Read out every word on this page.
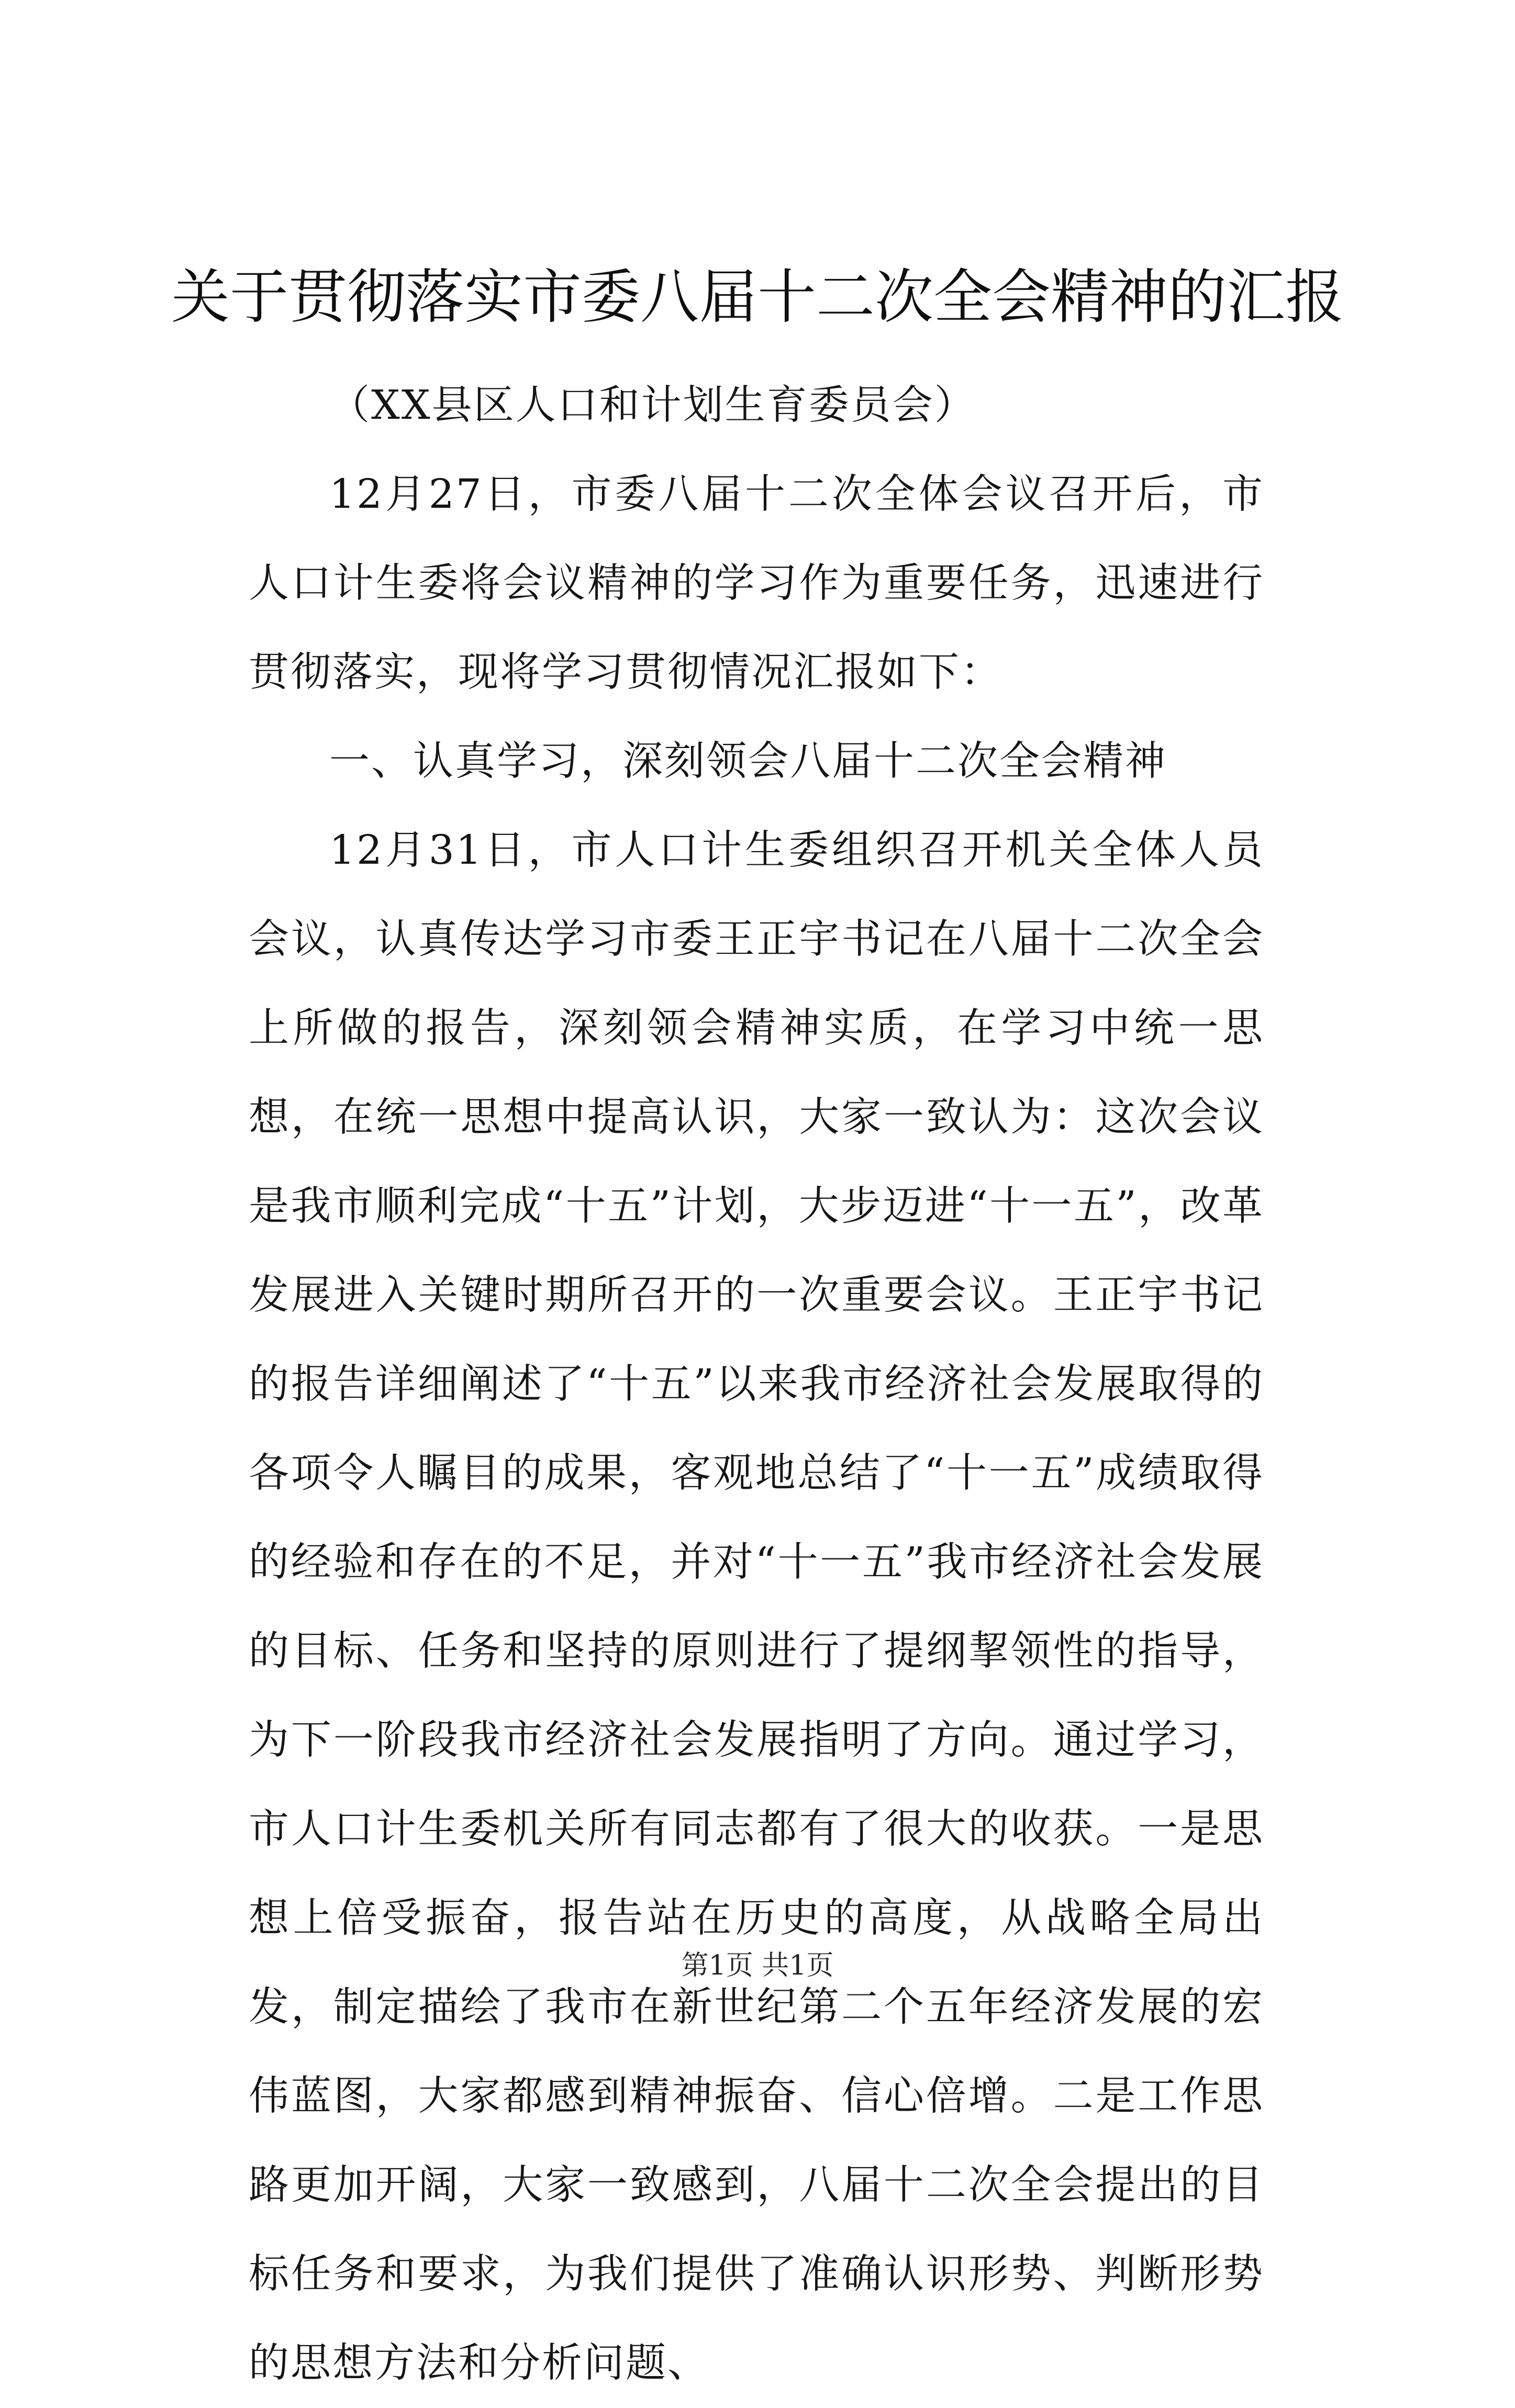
关于贯彻落实市委八届十二次全会精神的汇报

（XX县区人口和计划生育委员会）

12月27日，市委八届十二次全体会议召开后，市人口计生委将会议精神的学习作为重要任务，迅速进行贯彻落实，现将学习贯彻情况汇报如下：

一、认真学习，深刻领会八届十二次全会精神

12月31日，市人口计生委组织召开机关全体人员会议，认真传达学习市委王正宇书记在八届十二次全会上所做的报告，深刻领会精神实质，在学习中统一思想，在统一思想中提高认识，大家一致认为：这次会议是我市顺利完成“十五”计划，大步迈进“十一五”，改革发展进入关键时期所召开的一次重要会议。王正宇书记的报告详细阐述了“十五”以来我市经济社会发展取得的各项令人瞩目的成果，客观地总结了“十一五”成绩取得的经验和存在的不足，并对“十一五”我市经济社会发展的目标、任务和坚持的原则进行了提纲挈领性的指导，为下一阶段我市经济社会发展指明了方向。通过学习，市人口计生委机关所有同志都有了很大的收获。一是思想上倍受振奋，报告站在历史的高度，从战略全局出发，制定描绘了我市在新世纪第二个五年经济发展的宏伟蓝图，大家都感到精神振奋、信心倍增。二是工作思路更加开阔，大家一致感到，八届十二次全会提出的目标任务和要求，为我们提供了准确认识形势、判断形势的思想方法和分析问题、

第1页 共1页
